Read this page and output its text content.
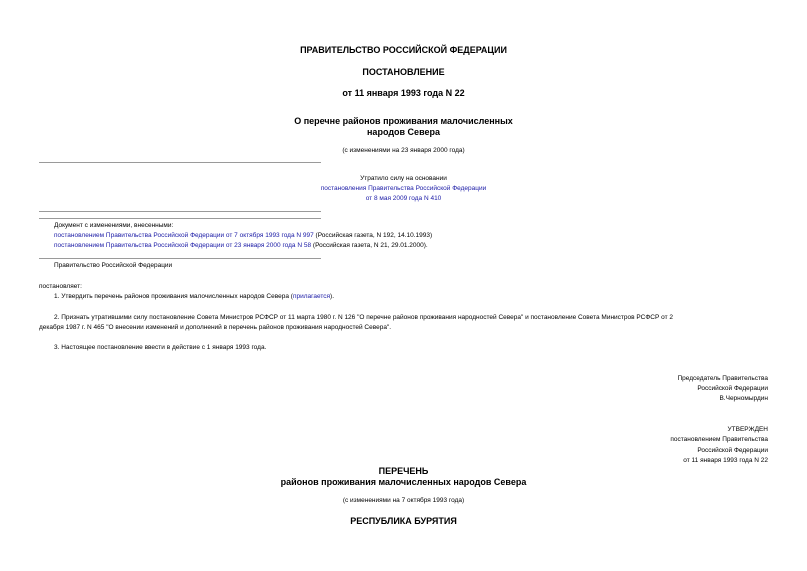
ПРАВИТЕЛЬСТВО РОССИЙСКОЙ ФЕДЕРАЦИИ
ПОСТАНОВЛЕНИЕ
от 11 января 1993 года N 22
О перечне районов проживания малочисленных
народов Севера
(с изменениями на 23 января 2000 года)
Утратило силу на основании
постановления Правительства Российской Федерации
от 8 мая 2009 года N 410
Документ с изменениями, внесенными:
постановлением Правительства Российской Федерации от 7 октября 1993 года N 997 (Российская газета, N 192, 14.10.1993)
постановлением Правительства Российской Федерации от 23 января 2000 года N 58 (Российская газета, N 21, 29.01.2000).
Правительство Российской Федерации
постановляет:
1. Утвердить перечень районов проживания малочисленных народов Севера (прилагается).
2. Признать утратившими силу постановление Совета Министров РСФСР от 11 марта 1980 г. N 126 "О перечне районов проживания народностей Севера" и постановление Совета Министров РСФСР от 2
декабря 1987 г. N 465 "О внесении изменений и дополнений в перечень районов проживания народностей Севера".
3. Настоящее постановление ввести в действие с 1 января 1993 года.
Председатель Правительства
Российской Федерации
В.Черномырдин
УТВЕРЖДЕН
постановлением Правительства
Российской Федерации
от 11 января 1993 года N 22
ПЕРЕЧЕНЬ
районов проживания малочисленных народов Севера
(с изменениями на 7 октября 1993 года)
РЕСПУБЛИКА БУРЯТИЯ
